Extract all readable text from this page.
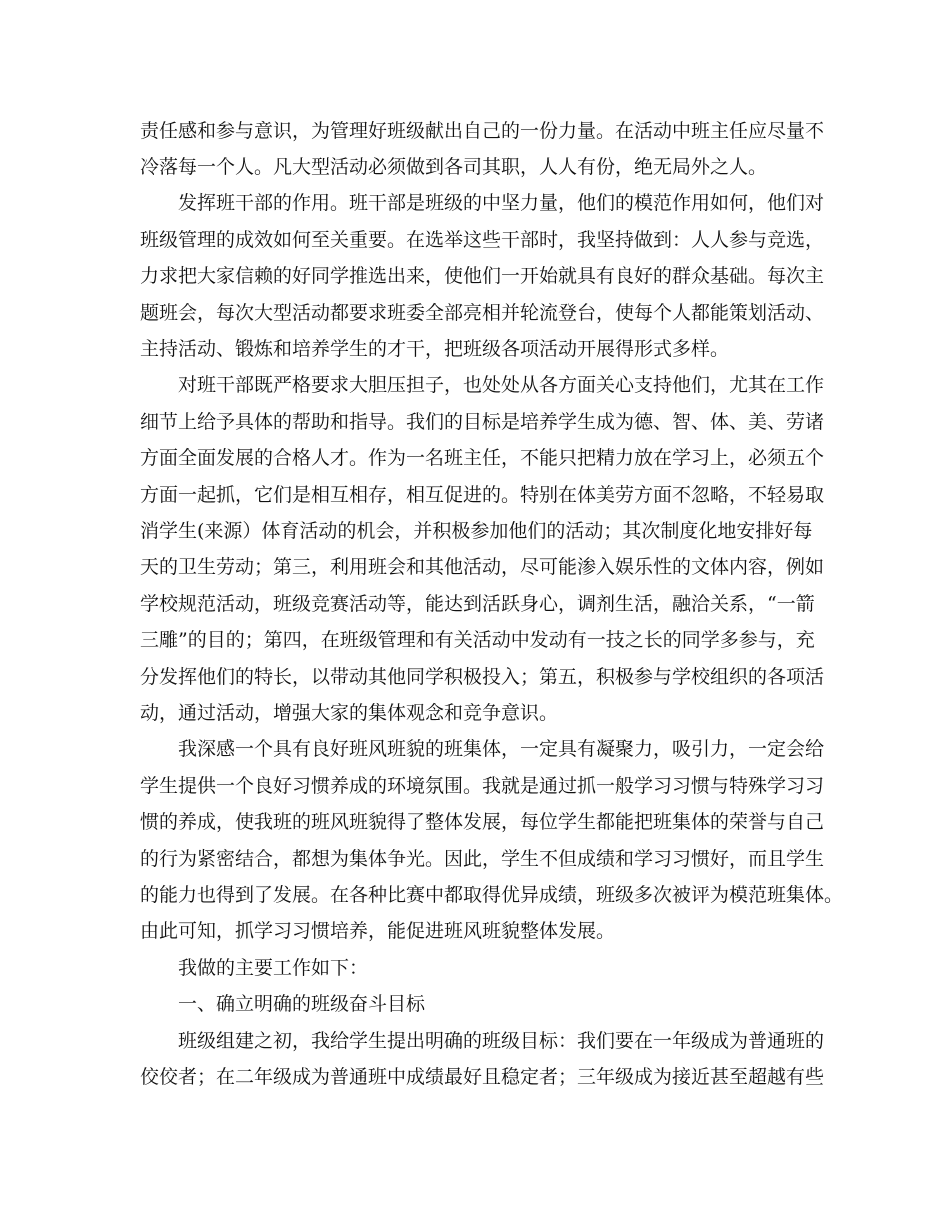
责任感和参与意识，为管理好班级献出自己的一份力量。在活动中班主任应尽量不
冷落每一个人。凡大型活动必须做到各司其职，人人有份，绝无局外之人。
　　发挥班干部的作用。班干部是班级的中坚力量，他们的模范作用如何，他们对
班级管理的成效如何至关重要。在选举这些干部时，我坚持做到：人人参与竞选，
力求把大家信赖的好同学推选出来，使他们一开始就具有良好的群众基础。每次主
题班会，每次大型活动都要求班委全部亮相并轮流登台，使每个人都能策划活动、
主持活动、锻炼和培养学生的才干，把班级各项活动开展得形式多样。
　　对班干部既严格要求大胆压担子，也处处从各方面关心支持他们，尤其在工作
细节上给予具体的帮助和指导。我们的目标是培养学生成为德、智、体、美、劳诸
方面全面发展的合格人才。作为一名班主任，不能只把精力放在学习上，必须五个
方面一起抓，它们是相互相存，相互促进的。特别在体美劳方面不忽略，不轻易取
消学生(来源）体育活动的机会，并积极参加他们的活动；其次制度化地安排好每
天的卫生劳动；第三，利用班会和其他活动，尽可能渗入娱乐性的文体内容，例如
学校规范活动，班级竞赛活动等，能达到活跃身心，调剂生活，融洽关系，“一箭
三雕”的目的；第四，在班级管理和有关活动中发动有一技之长的同学多参与，充
分发挥他们的特长，以带动其他同学积极投入；第五，积极参与学校组织的各项活
动，通过活动，增强大家的集体观念和竞争意识。
　　我深感一个具有良好班风班貌的班集体，一定具有凝聚力，吸引力，一定会给
学生提供一个良好习惯养成的环境氛围。我就是通过抓一般学习习惯与特殊学习习
惯的养成，使我班的班风班貌得了整体发展，每位学生都能把班集体的荣誉与自己
的行为紧密结合，都想为集体争光。因此，学生不但成绩和学习习惯好，而且学生
的能力也得到了发展。在各种比赛中都取得优异成绩，班级多次被评为模范班集体。
由此可知，抓学习习惯培养，能促进班风班貌整体发展。
　　我做的主要工作如下：
　　一、确立明确的班级奋斗目标
　　班级组建之初，我给学生提出明确的班级目标：我们要在一年级成为普通班的
佼佼者；在二年级成为普通班中成绩最好且稳定者；三年级成为接近甚至超越有些
